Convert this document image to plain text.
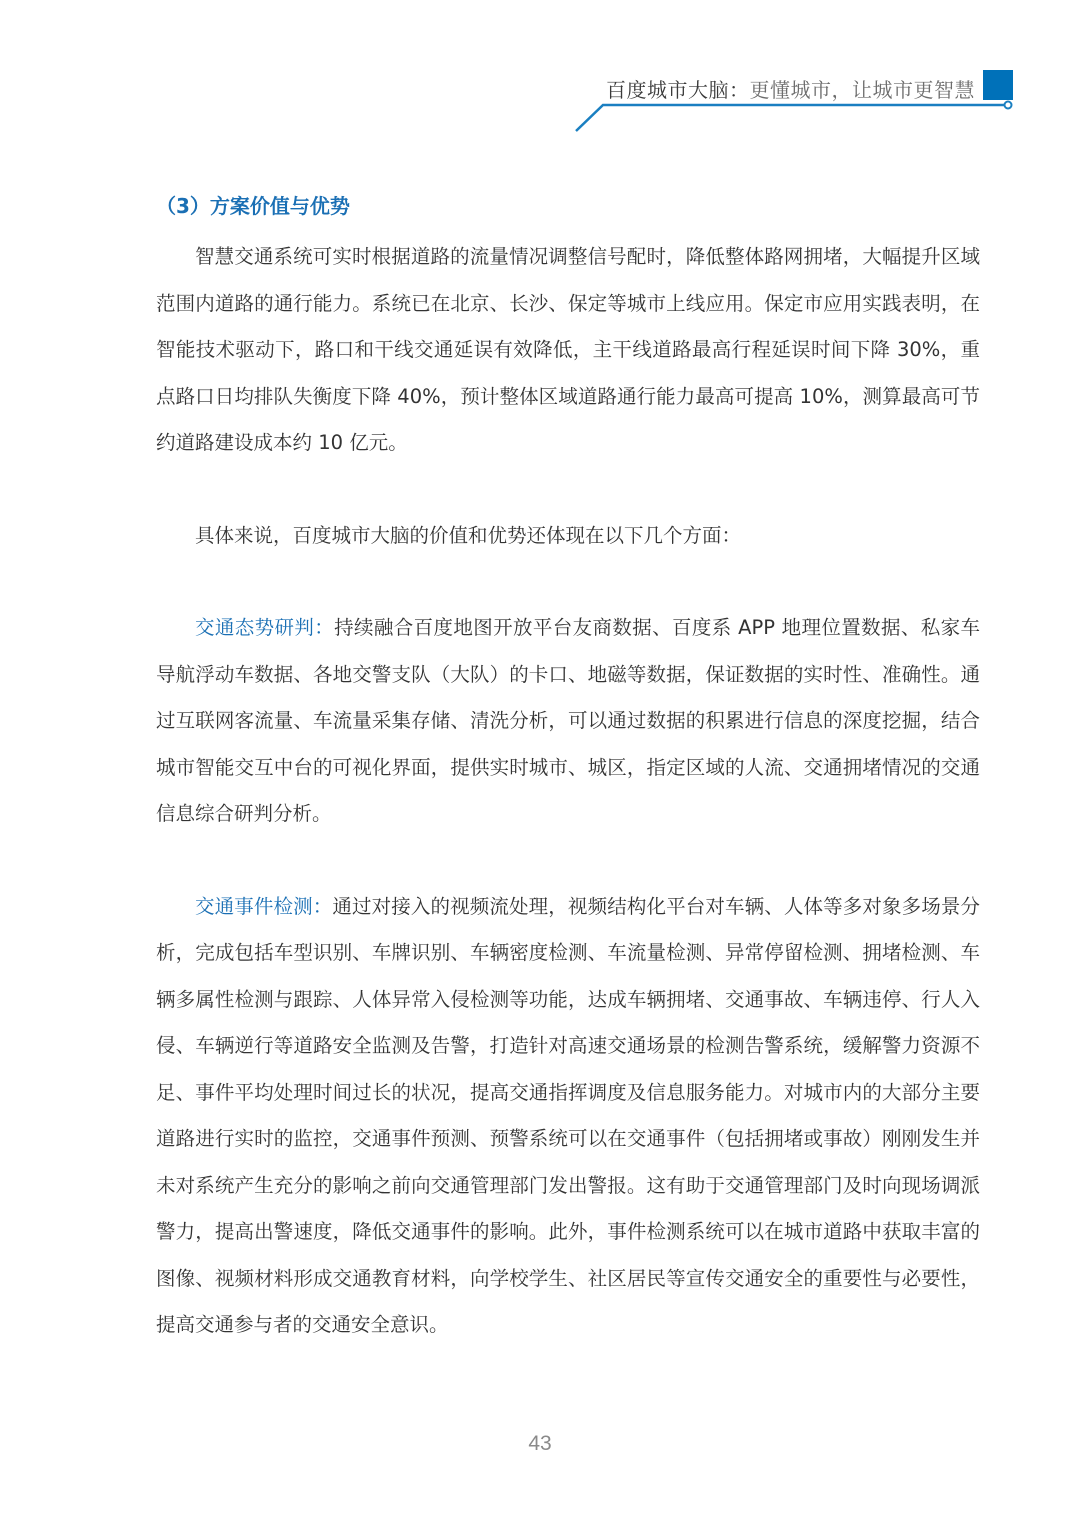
百度城市大脑：更懂城市，让城市更智慧
（3）方案价值与优势

智慧交通系统可实时根据道路的流量情况调整信号配时，降低整体路网拥堵，大幅提升区域范围内道路的通行能力。系统已在北京、长沙、保定等城市上线应用。保定市应用实践表明，在智能技术驱动下，路口和干线交通延误有效降低，主干线道路最高行程延误时间下降 30%，重点路口日均排队失衡度下降 40%，预计整体区域道路通行能力最高可提高 10%，测算最高可节约道路建设成本约 10 亿元。

具体来说，百度城市大脑的价值和优势还体现在以下几个方面：

交通态势研判：持续融合百度地图开放平台友商数据、百度系 APP 地理位置数据、私家车导航浮动车数据、各地交警支队（大队）的卡口、地磁等数据，保证数据的实时性、准确性。通过互联网客流量、车流量采集存储、清洗分析，可以通过数据的积累进行信息的深度挖掘，结合城市智能交互中台的可视化界面，提供实时城市、城区，指定区域的人流、交通拥堵情况的交通信息综合研判分析。

交通事件检测：通过对接入的视频流处理，视频结构化平台对车辆、人体等多对象多场景分析，完成包括车型识别、车牌识别、车辆密度检测、车流量检测、异常停留检测、拥堵检测、车辆多属性检测与跟踪、人体异常入侵检测等功能，达成车辆拥堵、交通事故、车辆违停、行人入侵、车辆逆行等道路安全监测及告警，打造针对高速交通场景的检测告警系统，缓解警力资源不足、事件平均处理时间过长的状况，提高交通指挥调度及信息服务能力。对城市内的大部分主要道路进行实时的监控，交通事件预测、预警系统可以在交通事件（包括拥堵或事故）刚刚发生并未对系统产生充分的影响之前向交通管理部门发出警报。这有助于交通管理部门及时向现场调派警力，提高出警速度，降低交通事件的影响。此外，事件检测系统可以在城市道路中获取丰富的图像、视频材料形成交通教育材料，向学校学生、社区居民等宣传交通安全的重要性与必要性，提高交通参与者的交通安全意识。

43
